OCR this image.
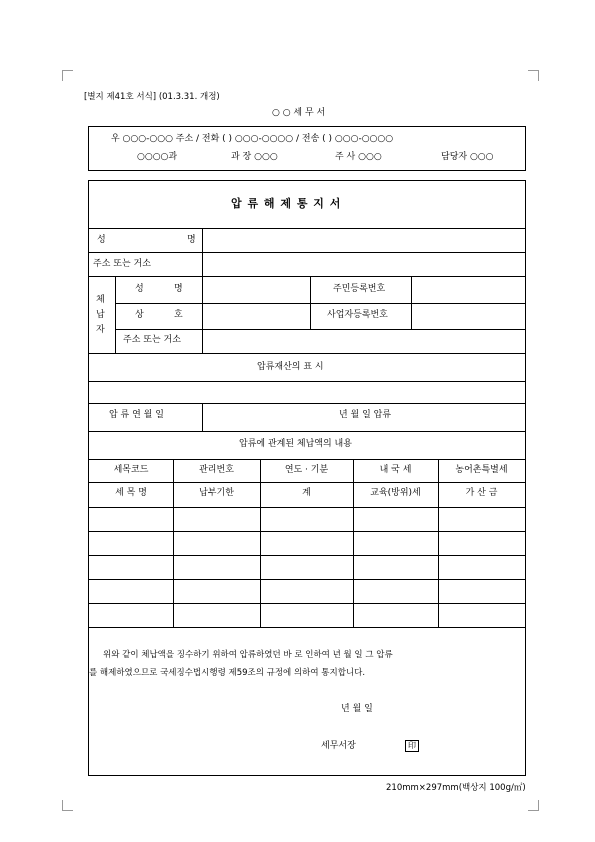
[별지 제41호 서식] (01.3.31. 개정)
○ ○ 세 무 서
우 ○○○-○○○ 주소 / 전화 ( ) ○○○-○○○○ / 전송 ( ) ○○○-○○○○
○○○○과	과 장 ○○○	주 사 ○○○	담당자 ○○○
압 류 해 제 통 지 서
성	명
주소 또는 거소
체
납
자
성	명	주민등록번호
상	호	사업자등록번호
주소 또는 거소
압류재산의 표 시
압 류 연 월 일	년 월 일 압류
압류에 관계된 체납액의 내용
세목코드	관리번호	연도 · 기분	내 국 세	농어촌특별세
세 목 명	납부기한	계	교육(방위)세	가 산 금
위와 같이 체납액을 징수하기 위하여 압류하였던 바 로 인하여 년 월 일 그 압류
를 해제하였으므로 국세징수법시행령 제59조의 규정에 의하여 통지합니다.
년 월 일
세무서장	印
210mm×297mm(백상지 100g/㎡)
